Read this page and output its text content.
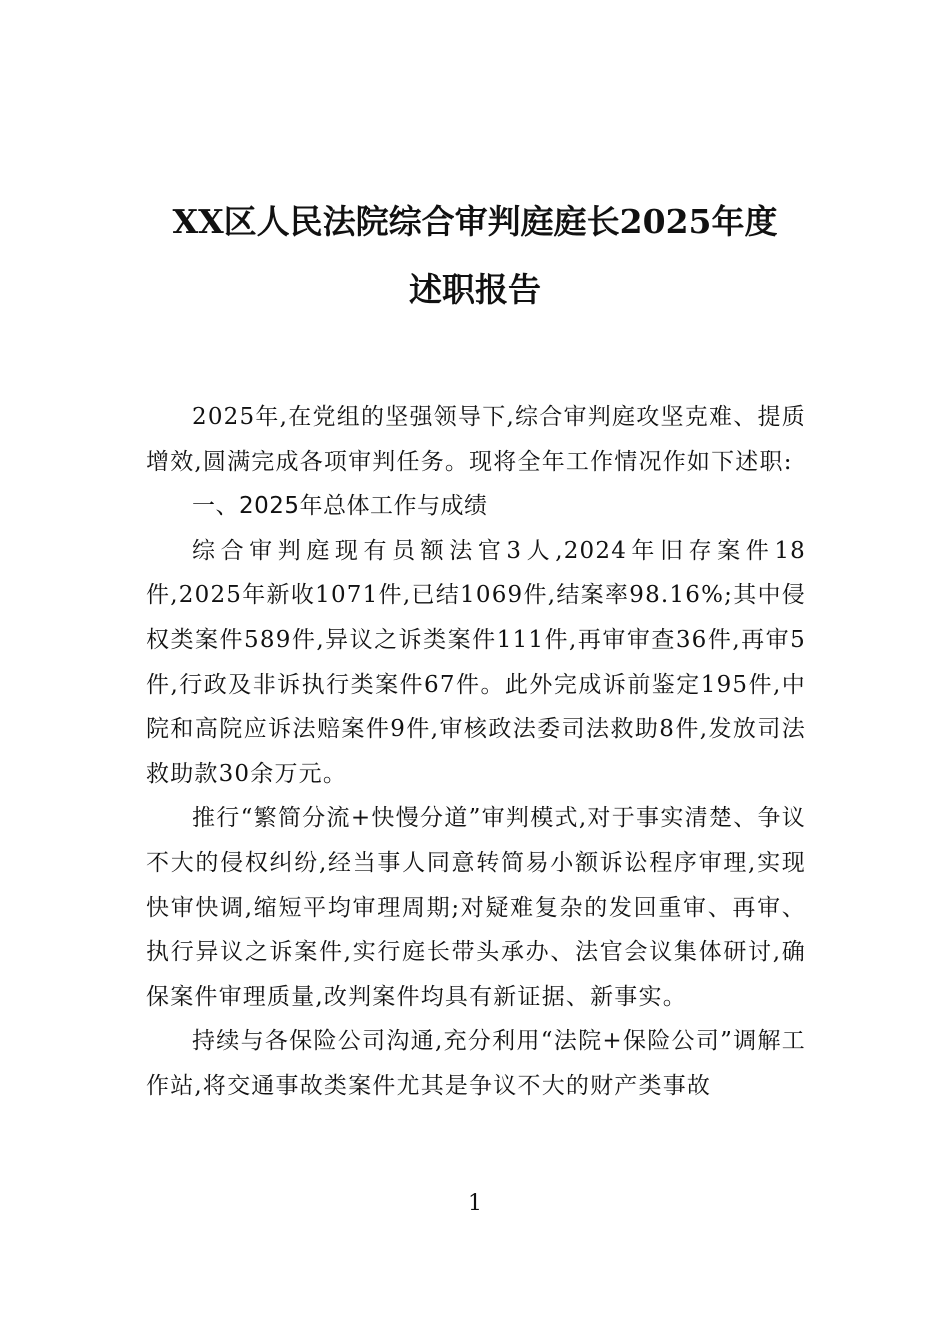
XX区人民法院综合审判庭庭长2025年度
述职报告

2025年,在党组的坚强领导下,综合审判庭攻坚克难、提质增效,圆满完成各项审判任务。现将全年工作情况作如下述职:

一、2025年总体工作与成绩

综合审判庭现有员额法官3人,2024年旧存案件18件,2025年新收1071件,已结1069件,结案率98.16%;其中侵权类案件589件,异议之诉类案件111件,再审审查36件,再审5件,行政及非诉执行类案件67件。此外完成诉前鉴定195件,中院和高院应诉法赔案件9件,审核政法委司法救助8件,发放司法救助款30余万元。

推行“繁简分流+快慢分道”审判模式,对于事实清楚、争议不大的侵权纠纷,经当事人同意转简易小额诉讼程序审理,实现快审快调,缩短平均审理周期;对疑难复杂的发回重审、再审、执行异议之诉案件,实行庭长带头承办、法官会议集体研讨,确保案件审理质量,改判案件均具有新证据、新事实。

持续与各保险公司沟通,充分利用“法院+保险公司”调解工作站,将交通事故类案件尤其是争议不大的财产类事故

1
